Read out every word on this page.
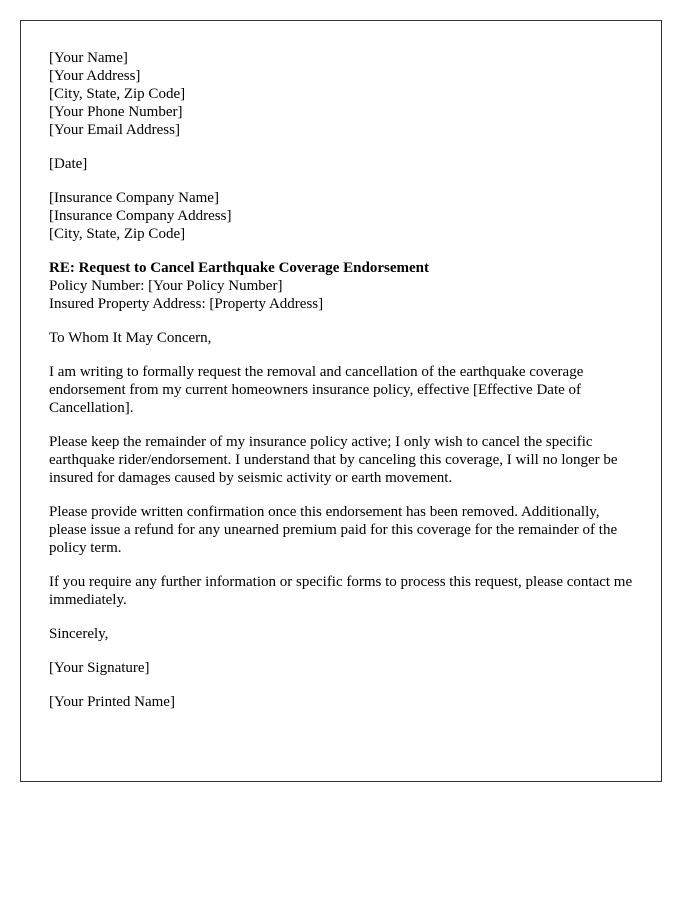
[Your Name]
[Your Address]
[City, State, Zip Code]
[Your Phone Number]
[Your Email Address]

[Date]

[Insurance Company Name]
[Insurance Company Address]
[City, State, Zip Code]

RE: Request to Cancel Earthquake Coverage Endorsement
Policy Number: [Your Policy Number]
Insured Property Address: [Property Address]

To Whom It May Concern,

I am writing to formally request the removal and cancellation of the earthquake coverage endorsement from my current homeowners insurance policy, effective [Effective Date of Cancellation].

Please keep the remainder of my insurance policy active; I only wish to cancel the specific earthquake rider/endorsement. I understand that by canceling this coverage, I will no longer be insured for damages caused by seismic activity or earth movement.

Please provide written confirmation once this endorsement has been removed. Additionally, please issue a refund for any unearned premium paid for this coverage for the remainder of the policy term.

If you require any further information or specific forms to process this request, please contact me immediately.

Sincerely,

[Your Signature]

[Your Printed Name]
